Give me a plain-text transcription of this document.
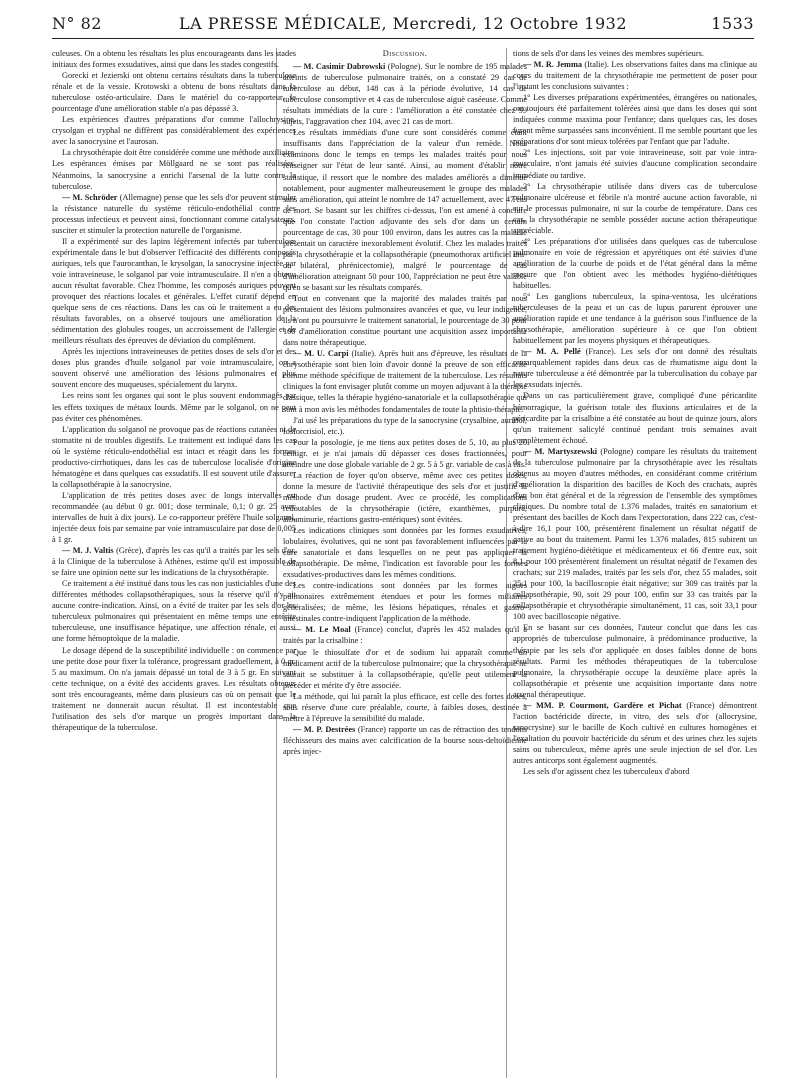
N° 82	LA PRESSE MÉDICALE, Mercredi, 12 Octobre 1932	1533

culeuses. On a obtenu les résultats les plus encourageants dans les stades initiaux des formes exsudatives, ainsi que dans les stades congestifs.

Gorecki et Jezierski ont obtenu certains résultats dans la tuberculose rénale et de la vessie. Krotowski a obtenu de bons résultats dans la tuberculose ostéo-articulaire. Dans le matériel du co-rapporteur, le pourcentage d'une amélioration stable n'a pas dépassé 3.

Les expériences d'autres préparations d'or comme l'allochrysine, crysolgan et tryphal ne diffèrent pas considérablement des expériences avec la sanocrysine et l'aurosan.

La chrysothérapie doit être considérée comme une méthode auxiliaire. Les espérances émises par Möllgaard ne se sont pas réalisées. Néanmoins, la sanocrysine a enrichi l'arsenal de la lutte contre la tuberculose.

— M. Schröder (Allemagne) pense que les sels d'or peuvent stimuler la résistance naturelle du système réticulo-endothélial contre les processus infectieux et peuvent ainsi, fonctionnant comme catalysateurs, susciter et stimuler la protection naturelle de l'organisme.

Il a expérimenté sur des lapins légèrement infectés par tuberculose expérimentale dans le but d'observer l'efficacité des différents composés auriques, tels que l'aurocanthan, le krysolgan, la sanocrysine injectée par voie intraveineuse, le solganol par voie intramusculaire. Il n'en a obtenu aucun résultat favorable. Chez l'homme, les composés auriques peuvent provoquer des réactions locales et générales. L'effet curatif dépend en quelque sens de ces réactions. Dans les cas où le traitement a eu des résultats favorables, on a observé toujours une amélioration de la sédimentation des globules rouges, un accroissement de l'allergie et de meilleurs résultats des épreuves de déviation du complément.

Après les injections intraveineuses de petites doses de sels d'or et des doses plus grandes d'huile solganol par voie intramusculaire, on a souvent observé une amélioration des lésions pulmonaires et plus souvent encore des muqueuses, spécialement du larynx.

Les reins sont les organes qui sont le plus souvent endommagés par les effets toxiques de métaux lourds. Même par le solganol, on ne peut pas éviter ces phénomènes.

L'application du solganol ne provoque pas de réactions cutanées ni de stomatite ni de troubles digestifs. Le traitement est indiqué dans les cas où le système réticulo-endothélial est intact et réagit dans les formes productivo-cirrhotiques, dans les cas de tuberculose localisée d'origine hématogène et dans quelques cas exsudatifs. Il est souvent utile d'assurer la collapsothérapie à la sanocrysine.

L'application de très petites doses avec de longs intervalles est recommandée (au début 0 gr. 001; dose terminale, 0,1; 0 gr. 25 avec intervalles de huit à dix jours). Le co-rapporteur préfère l'huile solganol, injectée deux fois par semaine par voie intramusculaire par dose de 0,005 à 1 gr.

— M. J. Valtis (Grèce), d'après les cas qu'il a traités par les sels d'or, à la Clinique de la tuberculose à Athènes, estime qu'il est impossible de se faire une opinion nette sur les indications de la chrysothérapie.

Ce traitement a été institué dans tous les cas non justiciables d'une des différentes méthodes collapsothérapiques, sous la réserve qu'il n'y ait aucune contre-indication. Ainsi, on a évité de traiter par les sels d'or les tuberculeux pulmonaires qui présentaient en même temps une entérite tuberculeuse, une insuffisance hépatique, une affection rénale, et aussi une forme hémoptoïque de la maladie.

Le dosage dépend de la susceptibilité individuelle : on commence par une petite dose pour fixer la tolérance, progressant graduellement, à 0 gr. 5 au maximum. On n'a jamais dépassé un total de 3 à 5 gr. En suivant cette technique, on a évité des accidents graves. Les résultats obtenus sont très encourageants, même dans plusieurs cas où on pensait que le traitement ne donnerait aucun résultat. Il est incontestable que l'utilisation des sels d'or marque un progrès important dans la thérapeutique de la tuberculose.

Discussion.

— M. Casimir Dabrowski (Pologne). Sur le nombre de 195 malades atteints de tuberculose pulmonaire traités, on a constaté 29 cas de tuberculose au début, 148 cas à la période évolutive, 14 cas de tuberculose consomptive et 4 cas de tuberculose aiguë caséeuse. Comme résultats immédiats de la cure : l'amélioration a été constatée chez 99 sujets, l'aggravation chez 104, avec 21 cas de mort.

Les résultats immédiats d'une cure sont considérés comme étant insuffisants dans l'appréciation de la valeur d'un remède. Nous examinons donc le temps en temps les malades traités pour nous renseigner sur l'état de leur santé. Ainsi, au moment d'établir notre statistique, il ressort que le nombre des malades améliorés a diminué notablement, pour augmenter malheureusement le groupe des malades sans amélioration, qui atteint le nombre de 147 actuellement, avec 47 cas de mort. Se basant sur les chiffres ci-dessus, l'on est amené à conclure que l'on constate l'action adjuvante des sels d'or dans un certain pourcentage de cas, 30 pour 100 environ, dans les autres cas la maladie présentait un caractère inexorablement évolutif. Chez les malades traités par la chrysothérapie et la collapsothérapie (pneumothorax artificiel uni- ou bilatéral, phrénicectomie), malgré le pourcentage de cas d'amélioration atteignant 50 pour 100, l'appréciation ne peut être valable qu'en se basant sur les résultats comparés.

Tout en convenant que la majorité des malades traités par nous présentaient des lésions pulmonaires avancées et que, vu leur indigence, ils n'ont pu poursuivre le traitement sanatorial, le pourcentage de 30 pour 100 d'amélioration constitue pourtant une acquisition assez importante dans notre thérapeutique.

— M. U. Carpi (Italie). Après huit ans d'épreuve, les résultats de la chrysothérapie sont bien loin d'avoir donné la preuve de son efficacité comme méthode spécifique de traitement de la tuberculose. Les résultats cliniques la font envisager plutôt comme un moyen adjuvant à la thérapie classique, telles la thérapie hygiéno-sanatoriale et la collapsothérapie qui sont à mon avis les méthodes fondamentales de toute la phtisio-thérapie.

J'ai usé les préparations du type de la sanocrysine (crysalbine, auritiol, fosforcrisiol, etc.).

Pour la posologie, je me tiens aux petites doses de 5, 10, au plus 20 centigr. et je n'ai jamais dû dépasser ces doses fractionnées, pour atteindre une dose globale variable de 2 gr. 5 à 5 gr. variable de cas à cas.

La réaction de foyer qu'on observe, même avec ces petites doses, donne la mesure de l'activité thérapeutique des sels d'or et justifie la méthode d'un dosage prudent. Avec ce procédé, les complications redoutables de la chrysothérapie (ictère, exanthèmes, purpura, albuminurie, réactions gastro-entériques) sont évitées.

Les indications cliniques sont données par les formes exsudatives, lobulaires, évolutives, qui ne sont pas favorablement influencées par la cure sanatoriale et dans lesquelles on ne peut pas appliquer la collapsothérapie. De même, l'indication est favorable pour les formes exsudatives-productives dans les mêmes conditions.

Les contre-indications sont données par les formes aiguës pulmonaires extrêmement étendues et pour les formes miliaires généralisées; de même, les lésions hépatiques, rénales et gastro-intestinales contre-indiquent l'application de la méthode.

— M. Le Moal (France) conclut, d'après les 452 malades qu'il a traités par la crisalbine :

Que le thiosulfate d'or et de sodium lui apparaît comme un médicament actif de la tuberculose pulmonaire; que la chrysothérapie ne saurait se substituer à la collapsothérapie, qu'elle peut utilement la précéder et mérite d'y être associée.

La méthode, qui lui paraît la plus efficace, est celle des fortes doses, sous réserve d'une cure préalable, courte, à faibles doses, destinée à mettre à l'épreuve la sensibilité du malade.

— M. P. Destrées (France) rapporte un cas de rétraction des tendons fléchisseurs des mains avec calcification de la bourse sous-deltoïdienne après injec-

tions de sels d'or dans les veines des membres supérieurs.

— M. R. Jemma (Italie). Les observations faites dans ma clinique au cours du traitement de la chrysothérapie me permettent de poser pour l'instant les conclusions suivantes :

1° Les diverses préparations expérimentées, étrangères ou nationales, ont toujours été parfaitement tolérées ainsi que dans les doses qui sont indiquées comme maxima pour l'enfance; dans quelques cas, les doses furent même surpassées sans inconvénient. Il me semble pourtant que les préparations d'or sont mieux tolérées par l'enfant que par l'adulte.

2° Les injections, soit par voie intraveineuse, soit par voie intra-musculaire, n'ont jamais été suivies d'aucune complication secondaire immédiate ou tardive.

3° La chrysothérapie utilisée dans divers cas de tuberculose pulmonaire ulcéreuse et fébrile n'a montré aucune action favorable, ni sur le processus pulmonaire, ni sur la courbe de température. Dans ces cas, la chrysothérapie ne semble posséder aucune action thérapeutique appréciable.

4° Les préparations d'or utilisées dans quelques cas de tuberculose pulmonaire en voie de régression et apyrétiques ont été suivies d'une amélioration de la courbe de poids et de l'état général dans la même mesure que l'on obtient avec les méthodes hygiéno-diététiques habituelles.

5° Les ganglions tuberculeux, la spina-ventosa, les ulcérations tuberculeuses de la peau et un cas de lupus parurent éprouver une amélioration rapide et une tendance à la guérison sous l'influence de la chrysothérapie, amélioration supérieure à ce que l'on obtient habituellement par les moyens physiques et thérapeutiques.

— M. A. Pellé (France). Les sels d'or ont donné des résultats remarquablement rapides dans deux cas de rhumatisme aigu dont la nature tuberculeuse a été démontrée par la tuberculisation du cobaye par les exsudats injectés.

Dans un cas particulièrement grave, compliqué d'une péricardite hémorragique, la guérison totale des fluxions articulaires et de la péricardite par la crisalbine a été constatée au bout de quinze jours, alors qu'un traitement salicylé continué pendant trois semaines avait complètement échoué.

— M. Martyszewski (Pologne) compare les résultats du traitement de la tuberculose pulmonaire par la chrysothérapie avec les résultats obtenus au moyen d'autres méthodes, en considérant comme critérium d'amélioration la disparition des bacilles de Koch des crachats, auprès d'un bon état général et de la régression de l'ensemble des symptômes cliniques. Du nombre total de 1.376 malades, traités en sanatorium et présentant des bacilles de Koch dans l'expectoration, dans 222 cas, c'est-à-dire 16,1 pour 100, présentèrent finalement un résultat négatif de gative au bout du traitement. Parmi les 1.376 malades, 815 subirent un traitement hygiéno-diététique et médicamenteux et 66 d'entre eux, soit 8,1 pour 100 présentèrent finalement un résultat négatif de l'examen des crachats; sur 219 malades, traités par les sels d'or, chez 55 malades, soit 25,1 pour 100, la bacilloscopie était négative; sur 309 cas traités par la collapsothérapie, 90, soit 29 pour 100, enfin sur 33 cas traités par la collapsothérapie et chrysothérapie simultanément, 11 cas, soit 33,1 pour 100 avec bacilloscopie négative.

En se basant sur ces données, l'auteur conclut que dans les cas appropriés de tuberculose pulmonaire, à prédominance productive, la thérapie par les sels d'or appliquée en doses faibles donne de bons résultats. Parmi les méthodes thérapeutiques de la tuberculose pulmonaire, la chrysothérapie occupe la deuxième place après la collapsothérapie et présente une acquisition importante dans notre arsenal thérapeutique.

— MM. P. Courmont, Gardère et Pichat (France) démontrent l'action bactéricide directe, in vitro, des sels d'or (allocrysine, sanocrysine) sur le bacille de Koch cultivé en cultures homogènes et l'exaltation du pouvoir bactéricide du sérum et des urines chez les sujets sains ou tuberculeux, même après une seule injection de sel d'or. Les autres anticorps sont également augmentés.

Les sels d'or agissent chez les tuberculeux d'abord
